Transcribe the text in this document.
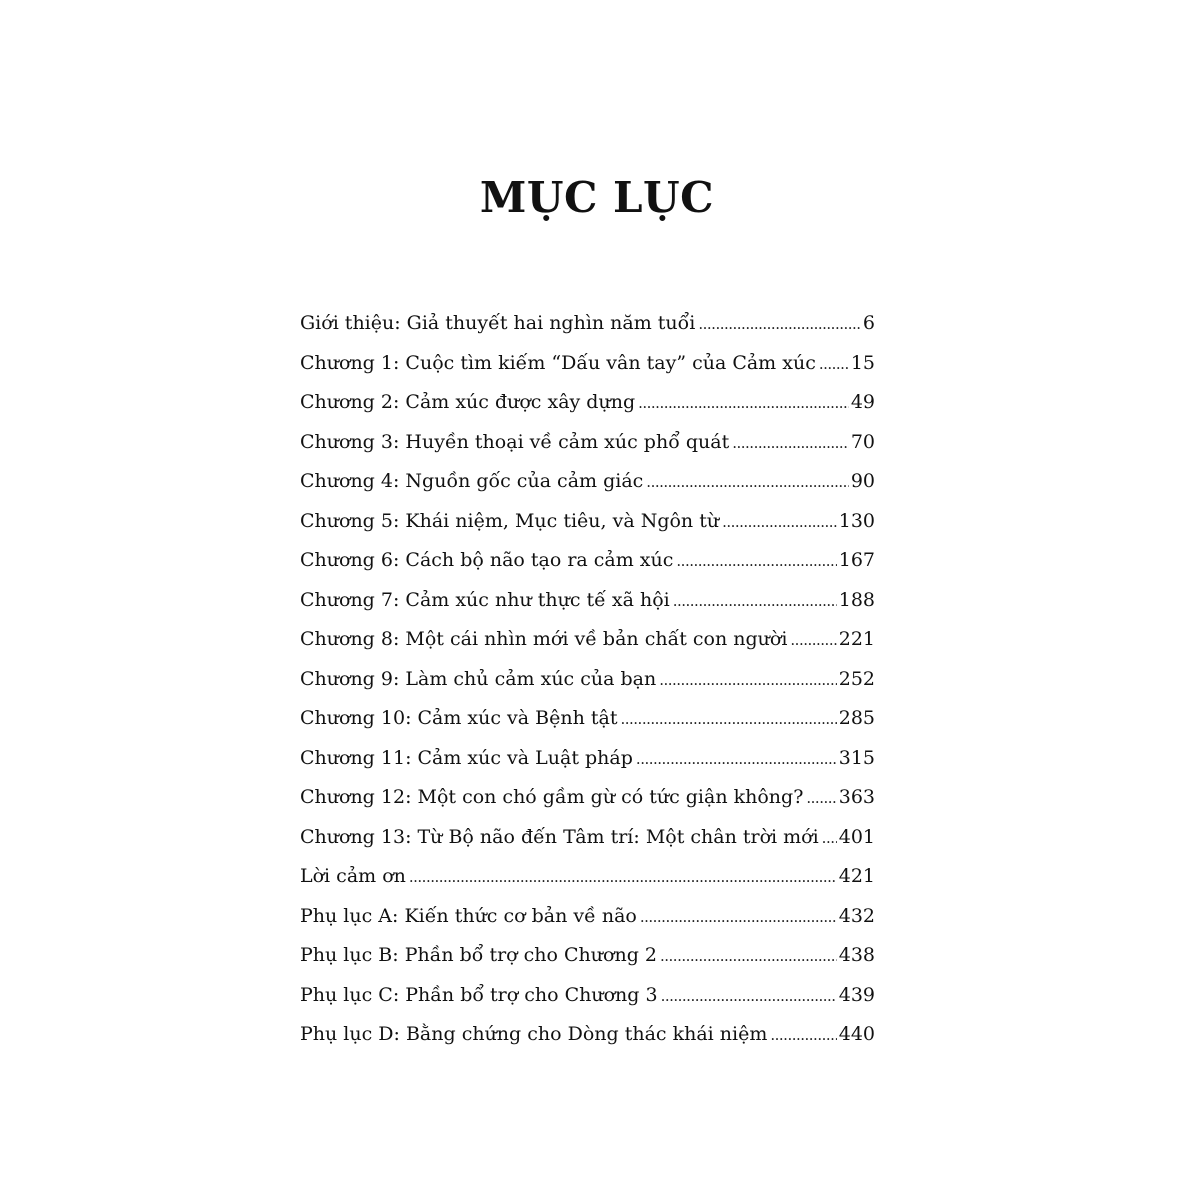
MỤC LỤC
Giới thiệu: Giả thuyết hai nghìn năm tuổi .....	6
Chương 1: Cuộc tìm kiếm “Dấu vân tay” của Cảm xúc ..... 15
Chương 2: Cảm xúc được xây dựng .....	49
Chương 3: Huyền thoại về cảm xúc phổ quát .....	70
Chương 4: Nguồn gốc của cảm giác .....	90
Chương 5: Khái niệm, Mục tiêu, và Ngôn từ .....	130
Chương 6: Cách bộ não tạo ra cảm xúc .....	167
Chương 7: Cảm xúc như thực tế xã hội .....	188
Chương 8: Một cái nhìn mới về bản chất con người .....	221
Chương 9: Làm chủ cảm xúc của bạn .....	252
Chương 10: Cảm xúc và Bệnh tật .....	285
Chương 11: Cảm xúc và Luật pháp .....	315
Chương 12: Một con chó gầm gừ có tức giận không? ..... 363
Chương 13: Từ Bộ não đến Tâm trí: Một chân trời mới ..... 401
Lời cảm ơn .....	421
Phụ lục A: Kiến thức cơ bản về não .....	432
Phụ lục B: Phần bổ trợ cho Chương 2 .....	438
Phụ lục C: Phần bổ trợ cho Chương 3 .....	439
Phụ lục D: Bằng chứng cho Dòng thác khái niệm .....	440
